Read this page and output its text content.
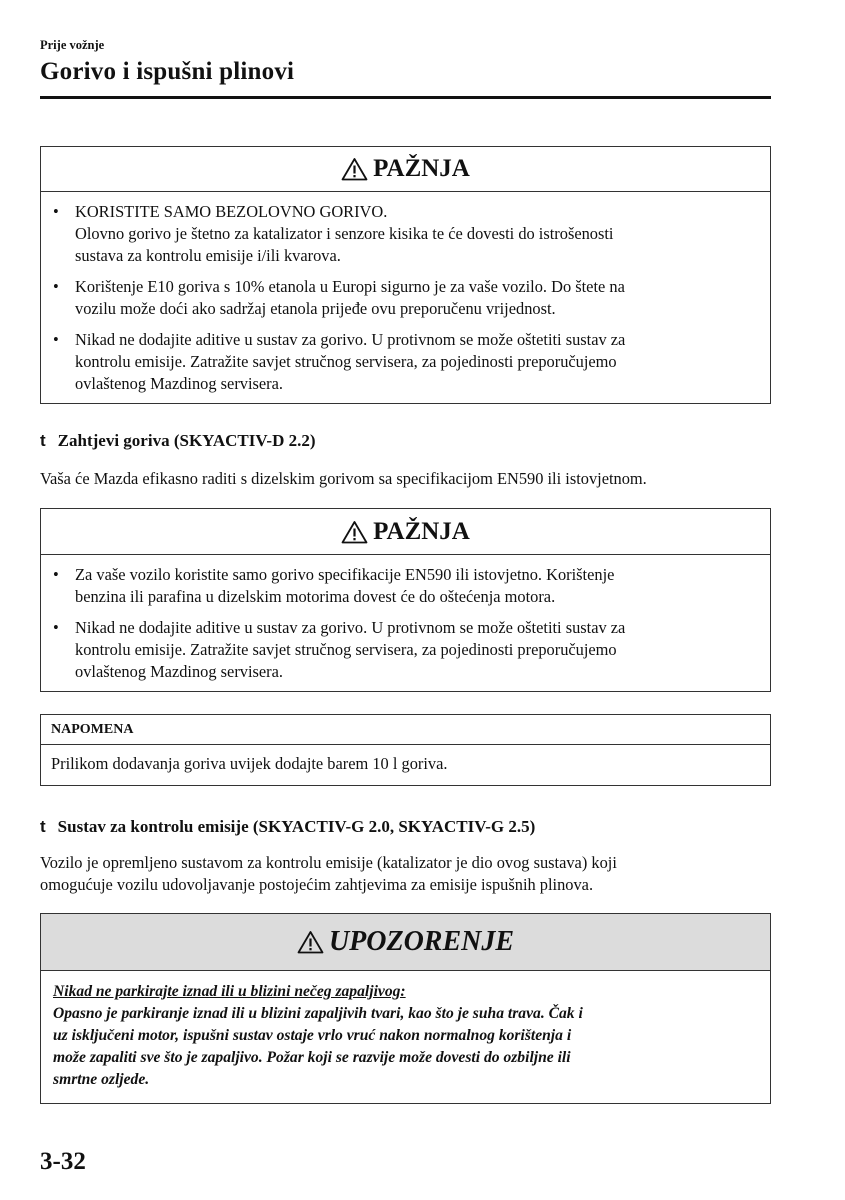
Prije vožnje
Gorivo i ispušni plinovi
PAŽNJA
• KORISTITE SAMO BEZOLOVNO GORIVO.
Olovno gorivo je štetno za katalizator i senzore kisika te će dovesti do istrošenosti
sustava za kontrolu emisije i/ili kvarova.
• Korištenje E10 goriva s 10% etanola u Europi sigurno je za vaše vozilo. Do štete na
vozilu može doći ako sadržaj etanola prijeđe ovu preporučenu vrijednost.
• Nikad ne dodajite aditive u sustav za gorivo. U protivnom se može oštetiti sustav za
kontrolu emisije. Zatražite savjet stručnog servisera, za pojedinosti preporučujemo
ovlaštenog Mazdinog servisera.
t Zahtjevi goriva (SKYACTIV-D 2.2)
Vaša će Mazda efikasno raditi s dizelskim gorivom sa specifikacijom EN590 ili istovjetnom.
PAŽNJA
• Za vaše vozilo koristite samo gorivo specifikacije EN590 ili istovjetno. Korištenje
benzina ili parafina u dizelskim motorima dovest će do oštećenja motora.
• Nikad ne dodajite aditive u sustav za gorivo. U protivnom se može oštetiti sustav za
kontrolu emisije. Zatražite savjet stručnog servisera, za pojedinosti preporučujemo
ovlaštenog Mazdinog servisera.
NAPOMENA
Prilikom dodavanja goriva uvijek dodajte barem 10 l goriva.
t Sustav za kontrolu emisije (SKYACTIV-G 2.0, SKYACTIV-G 2.5)
Vozilo je opremljeno sustavom za kontrolu emisije (katalizator je dio ovog sustava) koji
omogućuje vozilu udovoljavanje postojećim zahtjevima za emisije ispušnih plinova.
UPOZORENJE
Nikad ne parkirajte iznad ili u blizini nečeg zapaljivog:
Opasno je parkiranje iznad ili u blizini zapaljivih tvari, kao što je suha trava. Čak i
uz isključeni motor, ispušni sustav ostaje vrlo vruć nakon normalnog korištenja i
može zapaliti sve što je zapaljivo. Požar koji se razvije može dovesti do ozbiljne ili
smrtne ozljede.
3-32
